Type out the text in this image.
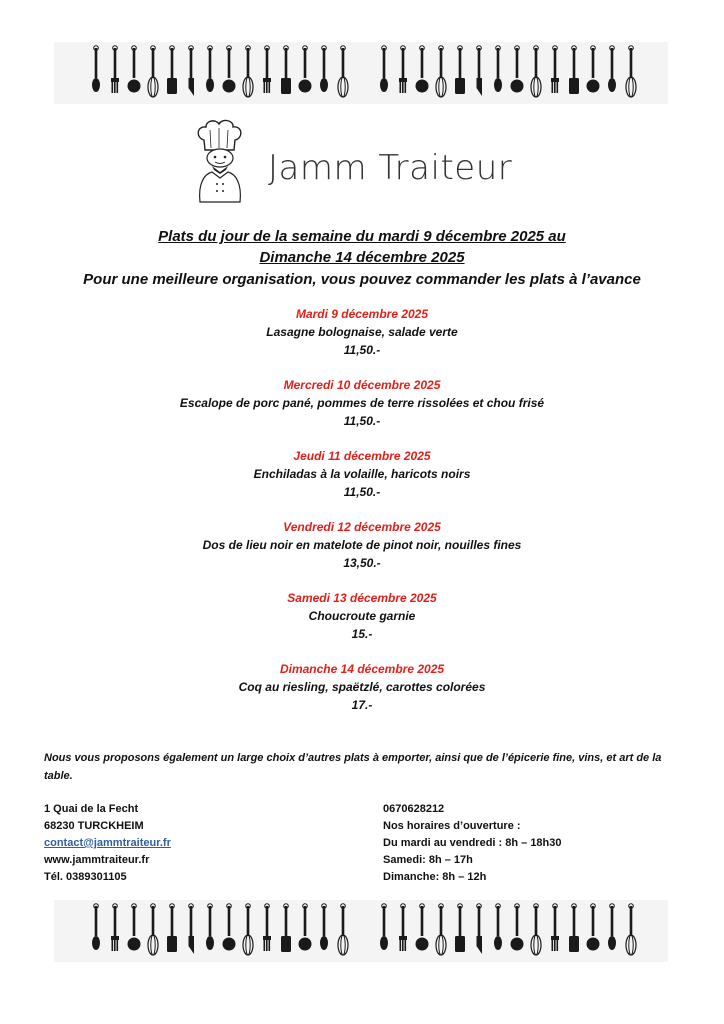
Jamm Traiteur
Plats du jour de la semaine du mardi 9 décembre 2025 au
Dimanche 14 décembre 2025
Pour une meilleure organisation, vous pouvez commander les plats à l’avance
Mardi 9 décembre 2025
Lasagne bolognaise, salade verte
11,50.-
Mercredi 10 décembre 2025
Escalope de porc pané, pommes de terre rissolées et chou frisé
11,50.-
Jeudi 11 décembre 2025
Enchiladas à la volaille, haricots noirs
11,50.-
Vendredi 12 décembre 2025
Dos de lieu noir en matelote de pinot noir, nouilles fines
13,50.-
Samedi 13 décembre 2025
Choucroute garnie
15.-
Dimanche 14 décembre 2025
Coq au riesling, spaëtzlé, carottes colorées
17.-
Nous vous proposons également un large choix d’autres plats à emporter, ainsi que de l’épicerie fine, vins, et art de la table.
1 Quai de la Fecht
68230 TURCKHEIM
contact@jammtraiteur.fr
www.jammtraiteur.fr
Tél. 0389301105
0670628212
Nos horaires d’ouverture :
Du mardi au vendredi : 8h – 18h30
Samedi: 8h – 17h
Dimanche: 8h – 12h
